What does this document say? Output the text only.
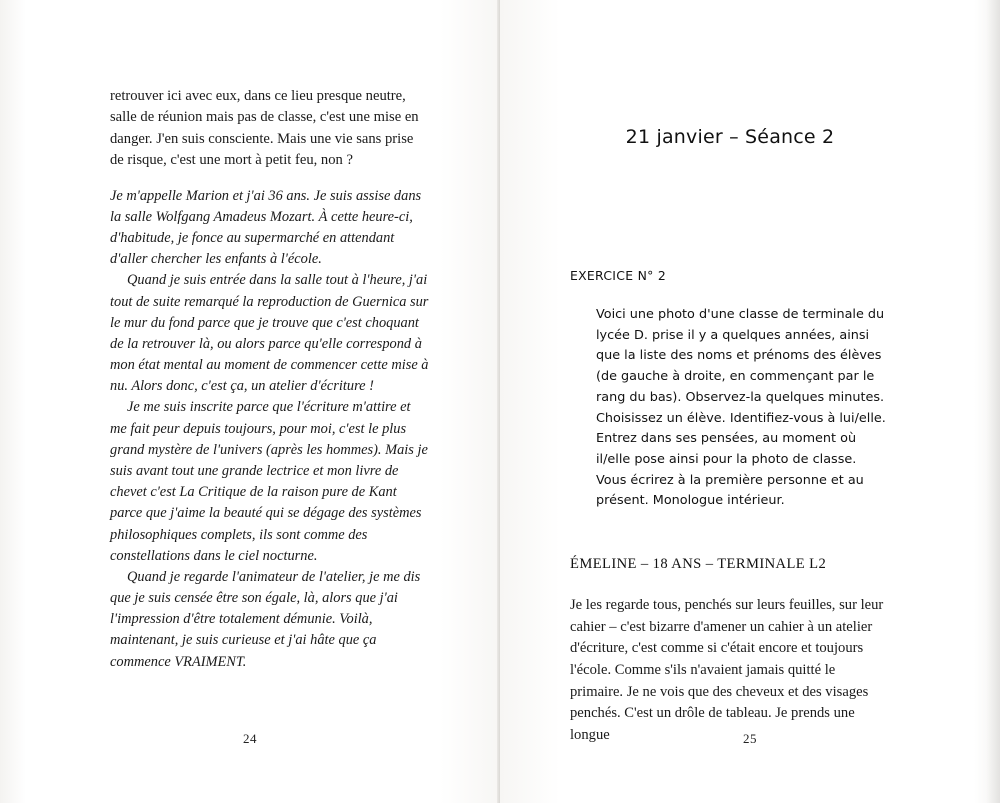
retrouver ici avec eux, dans ce lieu presque neutre, salle de réunion mais pas de classe, c'est une mise en danger. J'en suis consciente. Mais une vie sans prise de risque, c'est une mort à petit feu, non ?

Je m'appelle Marion et j'ai 36 ans. Je suis assise dans la salle Wolfgang Amadeus Mozart. À cette heure-ci, d'habitude, je fonce au supermarché en attendant d'aller chercher les enfants à l'école.

Quand je suis entrée dans la salle tout à l'heure, j'ai tout de suite remarqué la reproduction de Guernica sur le mur du fond parce que je trouve que c'est choquant de la retrouver là, ou alors parce qu'elle correspond à mon état mental au moment de commencer cette mise à nu. Alors donc, c'est ça, un atelier d'écriture !

Je me suis inscrite parce que l'écriture m'attire et me fait peur depuis toujours, pour moi, c'est le plus grand mystère de l'univers (après les hommes). Mais je suis avant tout une grande lectrice et mon livre de chevet c'est La Critique de la raison pure de Kant parce que j'aime la beauté qui se dégage des systèmes philosophiques complets, ils sont comme des constellations dans le ciel nocturne.

Quand je regarde l'animateur de l'atelier, je me dis que je suis censée être son égale, là, alors que j'ai l'impression d'être totalement démunie. Voilà, maintenant, je suis curieuse et j'ai hâte que ça commence VRAIMENT.

24
21 janvier – Séance 2
EXERCICE N° 2

Voici une photo d'une classe de terminale du lycée D. prise il y a quelques années, ainsi que la liste des noms et prénoms des élèves (de gauche à droite, en commençant par le rang du bas). Observez-la quelques minutes. Choisissez un élève. Identifiez-vous à lui/elle. Entrez dans ses pensées, au moment où il/elle pose ainsi pour la photo de classe. Vous écrirez à la première personne et au présent. Monologue intérieur.

ÉMELINE – 18 ANS – TERMINALE L2

Je les regarde tous, penchés sur leurs feuilles, sur leur cahier – c'est bizarre d'amener un cahier à un atelier d'écriture, c'est comme si c'était encore et toujours l'école. Comme s'ils n'avaient jamais quitté le primaire. Je ne vois que des cheveux et des visages penchés. C'est un drôle de tableau. Je prends une longue	25
